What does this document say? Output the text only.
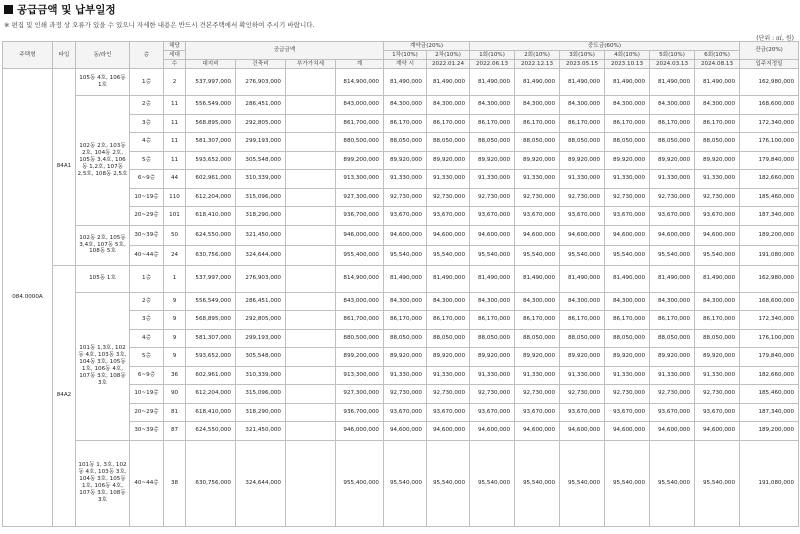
공급금액 및 납부일정
※ 편집 및 인쇄 과정 상 오류가 있을 수 있으니 자세한 내용은 반드시 견본주택에서 확인하여 주시기 바랍니다.
(단위 : ㎡, 원)
주택형	타입	동/라인	층	해당	공급금액				계약금(20%)		중도금(60%)						잔금(20%)
				세대					1차(10%)	2차(10%)	1회(10%)	2회(10%)	3회(10%)	4회(10%)	5회(10%)	6회(10%)	
				수	대지비	건축비	부가가치세	계	계약 시	2022.01.24	2022.06.13	2022.12.13	2023.05.15	2023.10.13	2024.03.13	2024.08.13	입주지정일
084.0000A	84A1	105동 4호, 106동 1호	1층	2	537,997,000	276,903,000		814,900,000	81,490,000	81,490,000	81,490,000	81,490,000	81,490,000	81,490,000	81,490,000	81,490,000	162,980,000
		102동 2호, 103동 2호, 104동 2호, 105동 3,4호, 106동 1,2호, 107동 2,5호, 108동 2,5호	2층	11	556,549,000	286,451,000		843,000,000	84,300,000	84,300,000	84,300,000	84,300,000	84,300,000	84,300,000	84,300,000	84,300,000	168,600,000
			3층	11	568,895,000	292,805,000		861,700,000	86,170,000	86,170,000	86,170,000	86,170,000	86,170,000	86,170,000	86,170,000	86,170,000	172,340,000
			4층	11	581,307,000	299,193,000		880,500,000	88,050,000	88,050,000	88,050,000	88,050,000	88,050,000	88,050,000	88,050,000	88,050,000	176,100,000
			5층	11	593,652,000	305,548,000		899,200,000	89,920,000	89,920,000	89,920,000	89,920,000	89,920,000	89,920,000	89,920,000	89,920,000	179,840,000
			6~9층	44	602,961,000	310,339,000		913,300,000	91,330,000	91,330,000	91,330,000	91,330,000	91,330,000	91,330,000	91,330,000	91,330,000	182,660,000
			10~19층	110	612,204,000	315,096,000		927,300,000	92,730,000	92,730,000	92,730,000	92,730,000	92,730,000	92,730,000	92,730,000	92,730,000	185,460,000
			20~29층	101	618,410,000	318,290,000		936,700,000	93,670,000	93,670,000	93,670,000	93,670,000	93,670,000	93,670,000	93,670,000	93,670,000	187,340,000
		102동 2호, 105동 3,4호, 107동 5호, 108동 5호	30~39층	50	624,550,000	321,450,000		946,000,000	94,600,000	94,600,000	94,600,000	94,600,000	94,600,000	94,600,000	94,600,000	94,600,000	189,200,000
			40~44층	24	630,756,000	324,644,000		955,400,000	95,540,000	95,540,000	95,540,000	95,540,000	95,540,000	95,540,000	95,540,000	95,540,000	191,080,000
	84A2	105동 1호	1층	1	537,997,000	276,903,000		814,900,000	81,490,000	81,490,000	81,490,000	81,490,000	81,490,000	81,490,000	81,490,000	81,490,000	162,980,000
		101동 1,3호, 102동 4호, 103동 3호, 104동 3호, 105동 1호, 106동 4호, 107동 3호, 108동 3호	2층	9	556,549,000	286,451,000		843,000,000	84,300,000	84,300,000	84,300,000	84,300,000	84,300,000	84,300,000	84,300,000	84,300,000	168,600,000
			3층	9	568,895,000	292,805,000		861,700,000	86,170,000	86,170,000	86,170,000	86,170,000	86,170,000	86,170,000	86,170,000	86,170,000	172,340,000
			4층	9	581,307,000	299,193,000		880,500,000	88,050,000	88,050,000	88,050,000	88,050,000	88,050,000	88,050,000	88,050,000	88,050,000	176,100,000
			5층	9	593,652,000	305,548,000		899,200,000	89,920,000	89,920,000	89,920,000	89,920,000	89,920,000	89,920,000	89,920,000	89,920,000	179,840,000
			6~9층	36	602,961,000	310,339,000		913,300,000	91,330,000	91,330,000	91,330,000	91,330,000	91,330,000	91,330,000	91,330,000	91,330,000	182,660,000
			10~19층	90	612,204,000	315,096,000		927,300,000	92,730,000	92,730,000	92,730,000	92,730,000	92,730,000	92,730,000	92,730,000	92,730,000	185,460,000
			20~29층	81	618,410,000	318,290,000		936,700,000	93,670,000	93,670,000	93,670,000	93,670,000	93,670,000	93,670,000	93,670,000	93,670,000	187,340,000
			30~39층	87	624,550,000	321,450,000		946,000,000	94,600,000	94,600,000	94,600,000	94,600,000	94,600,000	94,600,000	94,600,000	94,600,000	189,200,000
		101동 1, 3호, 102동 4호, 103동 3호, 104동 3호, 105동 1호, 106동 4호, 107동 3호, 108동 3호	40~44층	38	630,756,000	324,644,000		955,400,000	95,540,000	95,540,000	95,540,000	95,540,000	95,540,000	95,540,000	95,540,000	95,540,000	191,080,000
